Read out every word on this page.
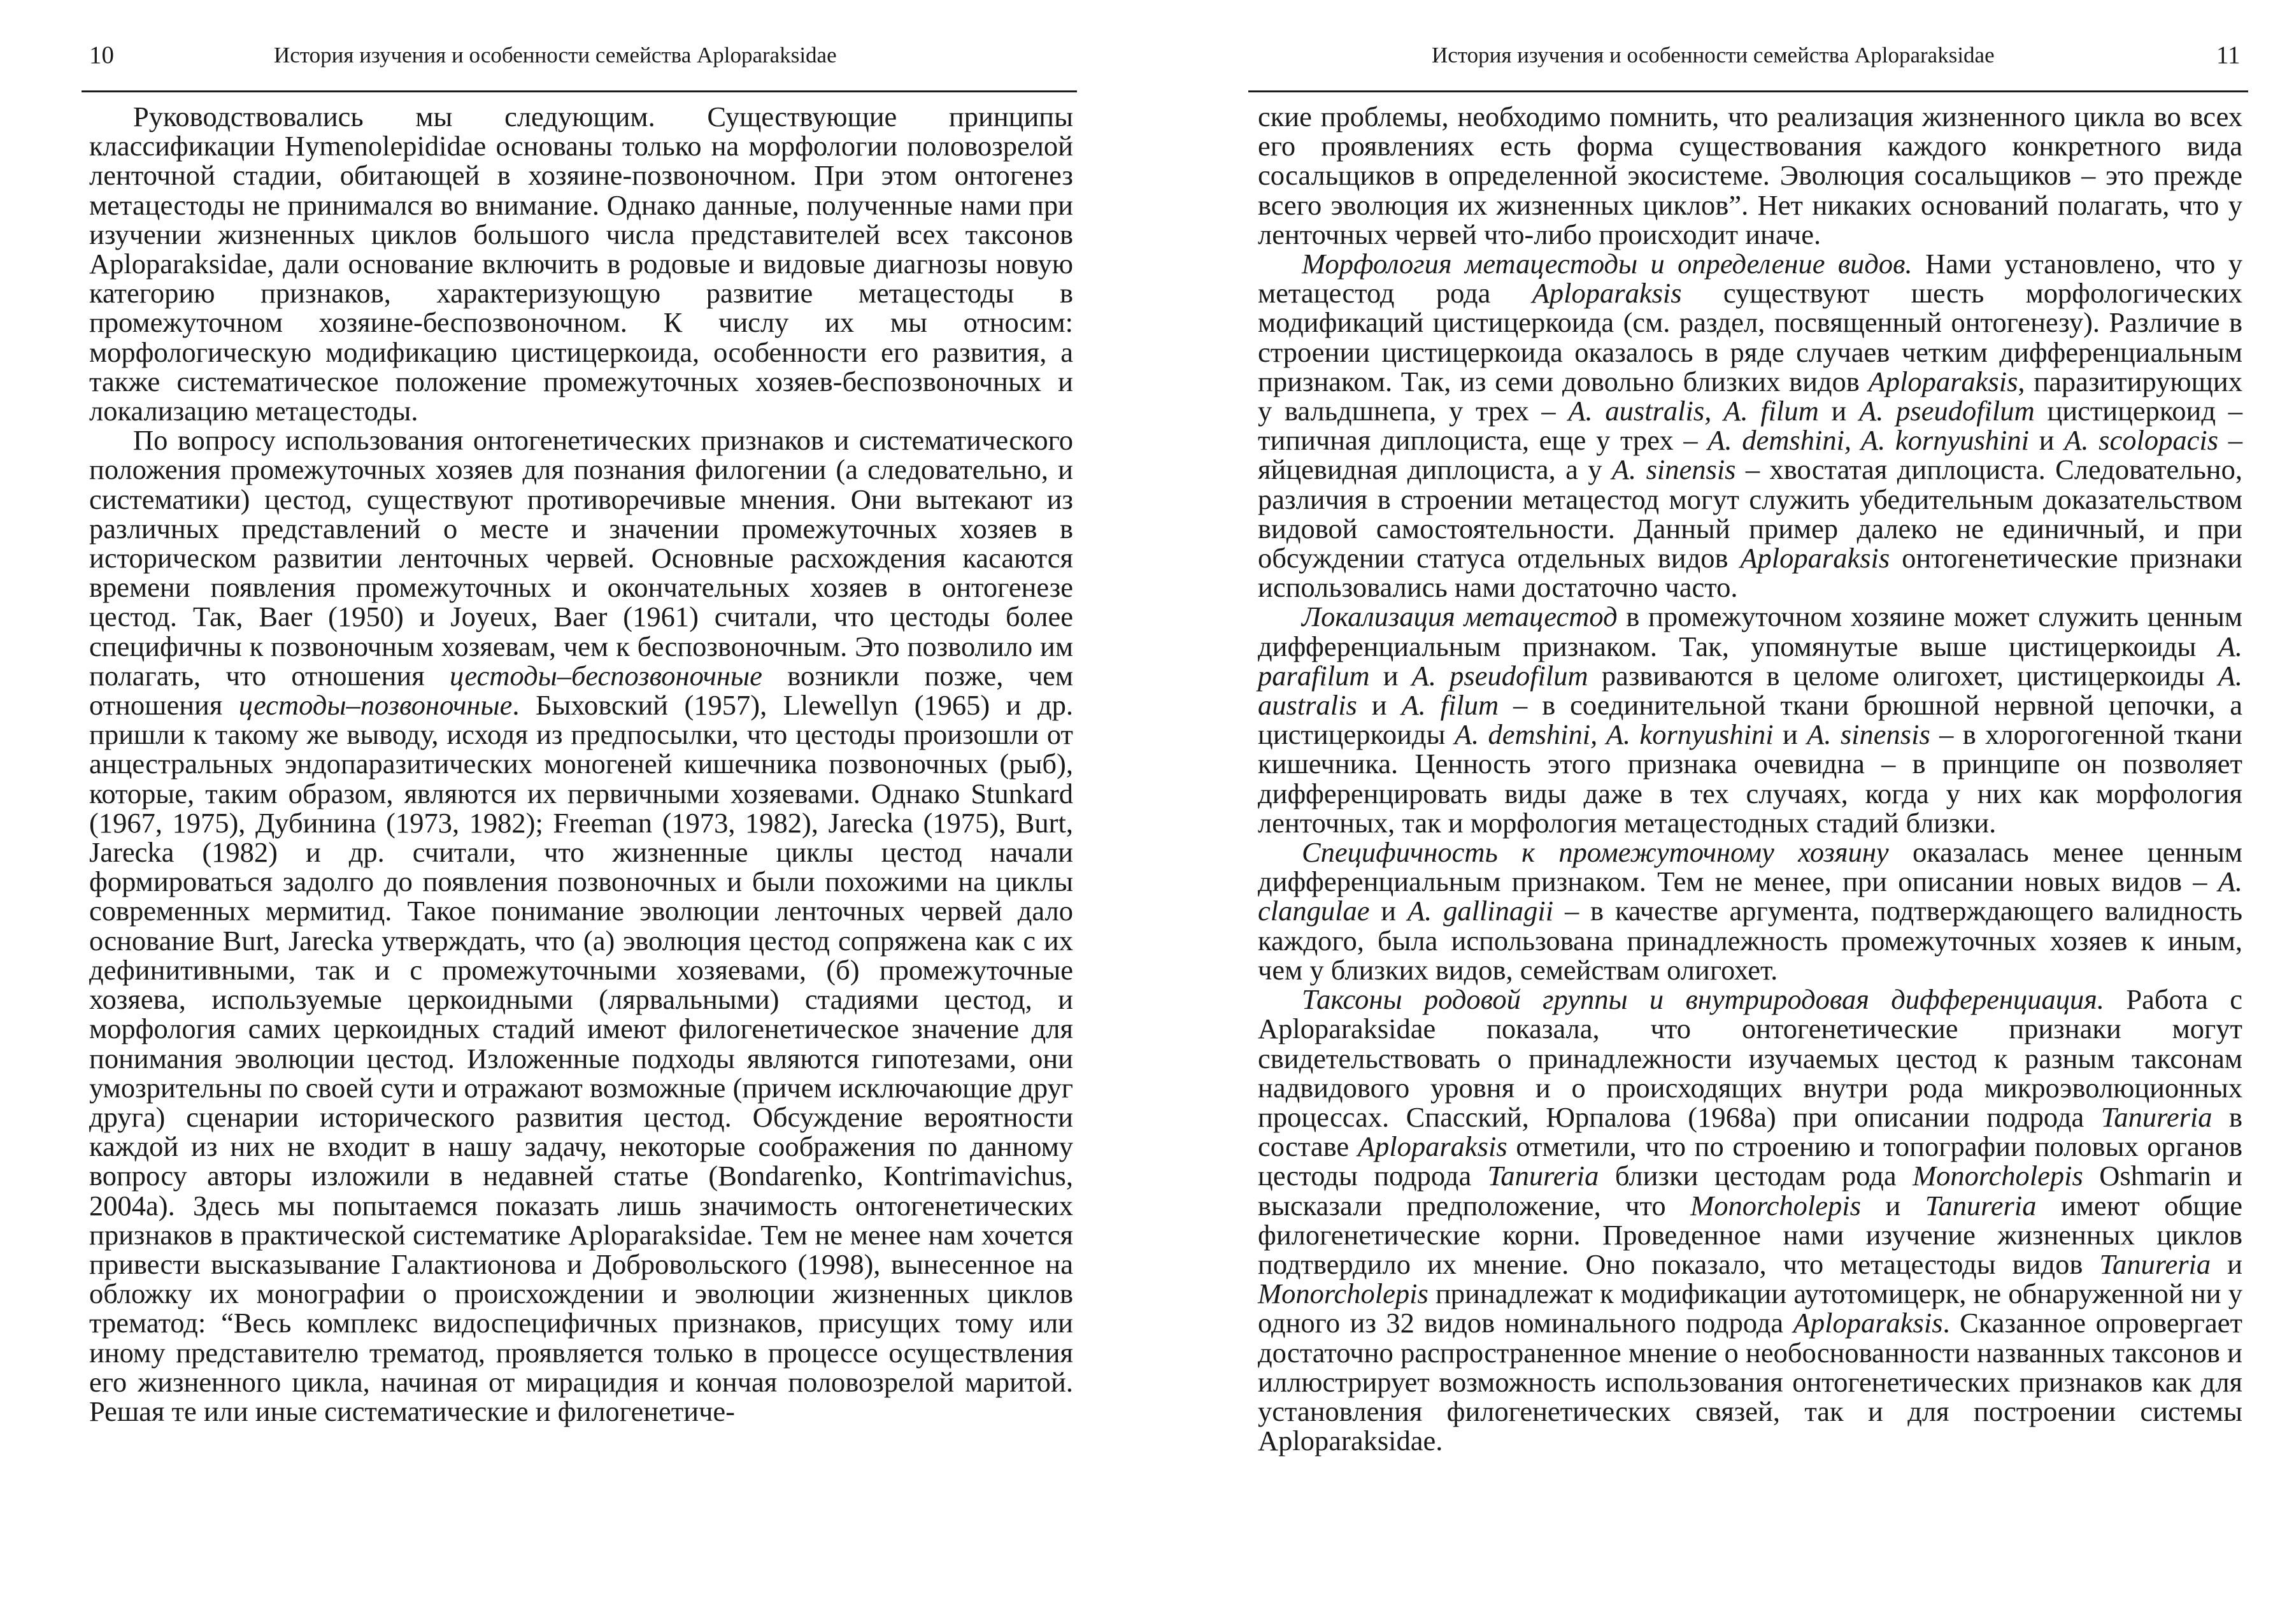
10	История изучения и особенности семейства Aploparaksidae

Руководствовались мы следующим. Существующие принципы классификации Hymenolepididae основаны только на морфологии половозрелой ленточной стадии, обитающей в хозяине-позвоночном. При этом онтогенез метацестоды не принимался во внимание. Однако данные, полученные нами при изучении жизненных циклов большого числа представителей всех таксонов Aploparaksidae, дали основание включить в родовые и видовые диагнозы новую категорию признаков, характеризующую развитие метацестоды в промежуточном хозяине-беспозвоночном. К числу их мы относим: морфологическую модификацию цистицеркоида, особенности его развития, а также систематическое положение промежуточных хозяев-беспозвоночных и локализацию метацестоды.

По вопросу использования онтогенетических признаков и систематического положения промежуточных хозяев для познания филогении (а следовательно, и систематики) цестод, существуют противоречивые мнения. Они вытекают из различных представлений о месте и значении промежуточных хозяев в историческом развитии ленточных червей. Основные расхождения касаются времени появления промежуточных и окончательных хозяев в онтогенезе цестод. Так, Baer (1950) и Joyeux, Baer (1961) считали, что цестоды более специфичны к позвоночным хозяевам, чем к беспозвоночным. Это позволило им полагать, что отношения цестоды–беспозвоночные возникли позже, чем отношения цестоды–позвоночные. Быховский (1957), Llewellyn (1965) и др. пришли к такому же выводу, исходя из предпосылки, что цестоды произошли от анцестральных эндопаразитических моногеней кишечника позвоночных (рыб), которые, таким образом, являются их первичными хозяевами. Однако Stunkard (1967, 1975), Дубинина (1973, 1982); Freeman (1973, 1982), Jarecka (1975), Burt, Jarecka (1982) и др. считали, что жизненные циклы цестод начали формироваться задолго до появления позвоночных и были похожими на циклы современных мермитид. Такое понимание эволюции ленточных червей дало основание Burt, Jarecka утверждать, что (а) эволюция цестод сопряжена как с их дефинитивными, так и с промежуточными хозяевами, (б) промежуточные хозяева, используемые церкоидными (лярвальными) стадиями цестод, и морфология самих церкоидных стадий имеют филогенетическое значение для понимания эволюции цестод. Изложенные подходы являются гипотезами, они умозрительны по своей сути и отражают возможные (причем исключающие друг друга) сценарии исторического развития цестод. Обсуждение вероятности каждой из них не входит в нашу задачу, некоторые соображения по данному вопросу авторы изложили в недавней статье (Bondarenko, Kontrimavichus, 2004a). Здесь мы попытаемся показать лишь значимость онтогенетических признаков в практической систематике Aploparaksidae. Тем не менее нам хочется привести высказывание Галактионова и Добровольского (1998), вынесенное на обложку их монографии о происхождении и эволюции жизненных циклов трематод: “Весь комплекс видоспецифичных признаков, присущих тому или иному представителю трематод, проявляется только в процессе осуществления его жизненного цикла, начиная от мирацидия и кончая половозрелой маритой. Решая те или иные систематические и филогенетиче-

История изучения и особенности семейства Aploparaksidae	11

ские проблемы, необходимо помнить, что реализация жизненного цикла во всех его проявлениях есть форма существования каждого конкретного вида сосальщиков в определенной экосистеме. Эволюция сосальщиков – это прежде всего эволюция их жизненных циклов”. Нет никаких оснований полагать, что у ленточных червей что-либо происходит иначе.

Морфология метацестоды и определение видов. Нами установлено, что у метацестод рода Aploparaksis существуют шесть морфологических модификаций цистицеркоида (см. раздел, посвященный онтогенезу). Различие в строении цистицеркоида оказалось в ряде случаев четким дифференциальным признаком. Так, из семи довольно близких видов Aploparaksis, паразитирующих у вальдшнепа, у трех – A. australis, A. filum и A. pseudofilum цистицеркоид – типичная диплоциста, еще у трех – A. demshini, A. kornyushini и A. scolopacis – яйцевидная диплоциста, а у A. sinensis – хвостатая диплоциста. Следовательно, различия в строении метацестод могут служить убедительным доказательством видовой самостоятельности. Данный пример далеко не единичный, и при обсуждении статуса отдельных видов Aploparaksis онтогенетические признаки использовались нами достаточно часто.

Локализация метацестод в промежуточном хозяине может служить ценным дифференциальным признаком. Так, упомянутые выше цистицеркоиды A. parafilum и A. pseudofilum развиваются в целоме олигохет, цистицеркоиды A. australis и A. filum – в соединительной ткани брюшной нервной цепочки, а цистицеркоиды A. demshini, A. kornyushini и A. sinensis – в хлорогогенной ткани кишечника. Ценность этого признака очевидна – в принципе он позволяет дифференцировать виды даже в тех случаях, когда у них как морфология ленточных, так и морфология метацестодных стадий близки.

Специфичность к промежуточному хозяину оказалась менее ценным дифференциальным признаком. Тем не менее, при описании новых видов – A. clangulae и A. gallinagii – в качестве аргумента, подтверждающего валидность каждого, была использована принадлежность промежуточных хозяев к иным, чем у близких видов, семействам олигохет.

Таксоны родовой группы и внутриродовая дифференциация. Работа с Aploparaksidae показала, что онтогенетические признаки могут свидетельствовать о принадлежности изучаемых цестод к разным таксонам надвидового уровня и о происходящих внутри рода микроэволюционных процессах. Спасский, Юрпалова (1968а) при описании подрода Tanureria в составе Aploparaksis отметили, что по строению и топографии половых органов цестоды подрода Tanureria близки цестодам рода Monorcholepis Oshmarin и высказали предположение, что Monorcholepis и Tanureria имеют общие филогенетические корни. Проведенное нами изучение жизненных циклов подтвердило их мнение. Оно показало, что метацестоды видов Tanureria и Monorcholepis принадлежат к модификации аутотомицерк, не обнаруженной ни у одного из 32 видов номинального подрода Aploparaksis. Сказанное опровергает достаточно распространенное мнение о необоснованности названных таксонов и иллюстрирует возможность использования онтогенетических признаков как для установления филогенетических связей, так и для построении системы Aploparaksidae.
